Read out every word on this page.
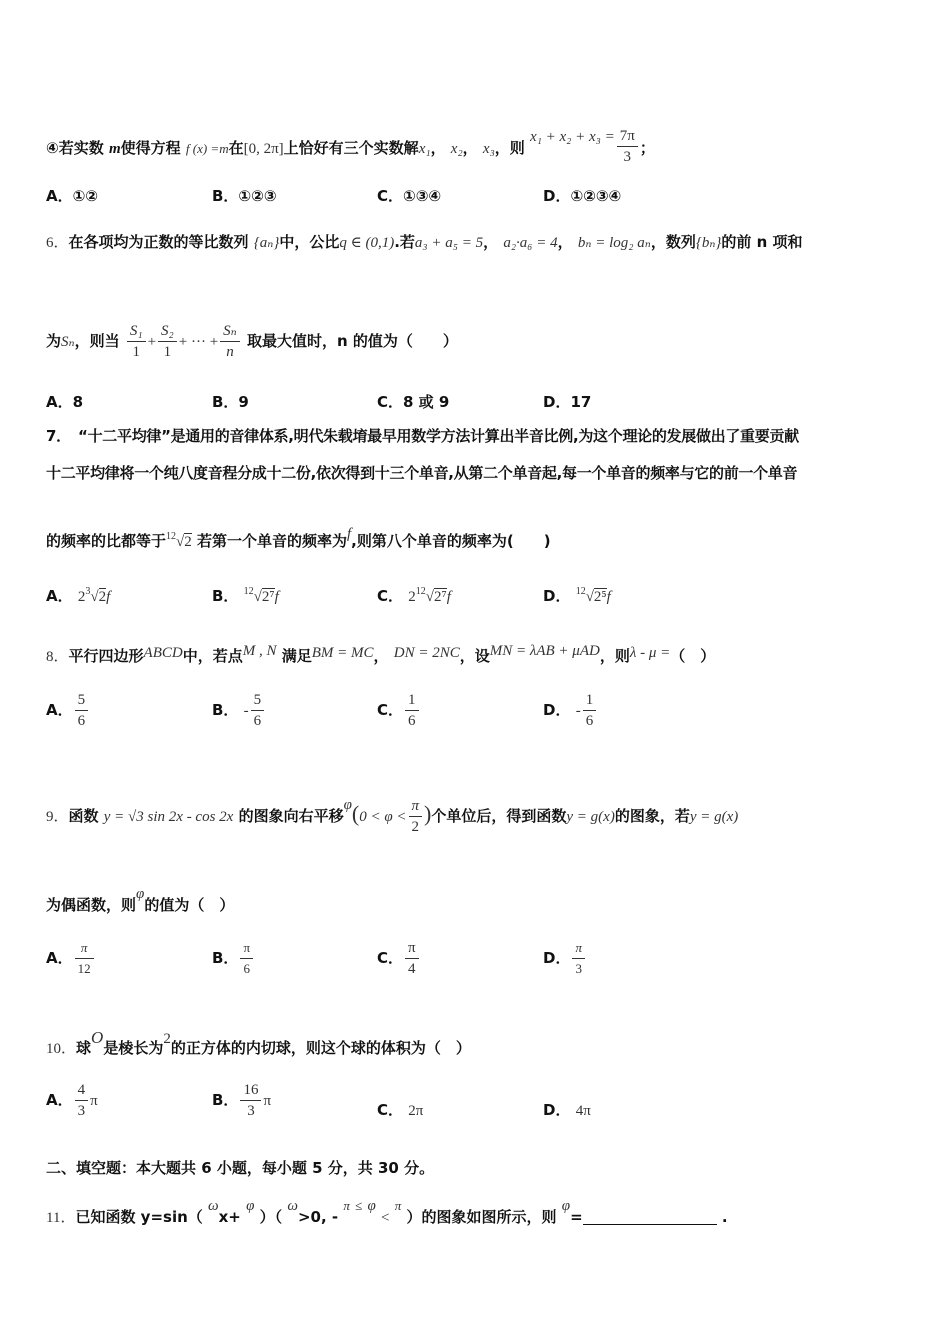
④若实数 m使得方程 f (x) =m在[0, 2π]上恰好有三个实数解x₁， x₂， x₃，则 $x_1 + x_2 + x_3 = \frac{7\pi}{3}$ ；
A．①②	B．①②③	C．①③④	D．①②③④
6．在各项均为正数的等比数列 {aₙ}中，公比q ∈ (0,1).若a₃ + a₅ = 5， a₂·a₆ = 4， bₙ = log₂ aₙ，数列{bₙ}的前 n 项和
为Sₙ，则当 $\frac{\text{S₁}}{1} + \frac{\text{S₂}}{1}$ + ··· + $\frac{\text{Sₙ}}{n}$ 取最大值时，n 的值为（　　）
A．8	B．9	C．8 或 9	D．17
7．　“十二平均律”是通用的音律体系,明代朱载堉最早用数学方法计算出半音比例,为这个理论的发展做出了重要贡献
十二平均律将一个纯八度音程分成十二份,依次得到十三个单音,从第二个单音起,每一个单音的频率与它的前一个单音
的频率的比都等于$^{12}$√2 若第一个单音的频率为f,则第八个单音的频率为(　　)
A． $2^3√2f$	B． $^{12}$√2⁷f	C． $2^{12}√2^7f$	D． $^{12}$√2⁵f
8．平行四边形ABCD中，若点M , N 满足BM = MC， DN = 2NC，设MN = λAB + μAD，则λ - μ =（　）
A． $\frac{5}{6}$	B． - $\frac{5}{6}$	C． $\frac{1}{6}$	D． - $\frac{1}{6}$
9．函数 y = √3 sin 2x - cos 2x 的图象向右平移$\varphi(0 < \varphi < \frac{\pi}{2}$ )个单位后，得到函数y = g(x)的图象，若y = g(x)
为偶函数，则φ的值为（　）
A． $\frac{\pi}{12}$	B． $\frac{\pi}{6}$	C． $\frac{\pi}{4}$	D． $\frac{\pi}{3}$
10．球O是棱长为2的正方体的内切球，则这个球的体积为（　）
A． $\frac{4}{3}$ π	B． $\frac{16}{3}$ π	C． 2π	D． 4π
二、填空题：本大题共 6 小题，每小题 5 分，共 30 分。
11．已知函数 y=sin（ ωx+ φ ）（ ω>0, - π ≤ φ < π ）的图象如图所示，则 φ=	.
